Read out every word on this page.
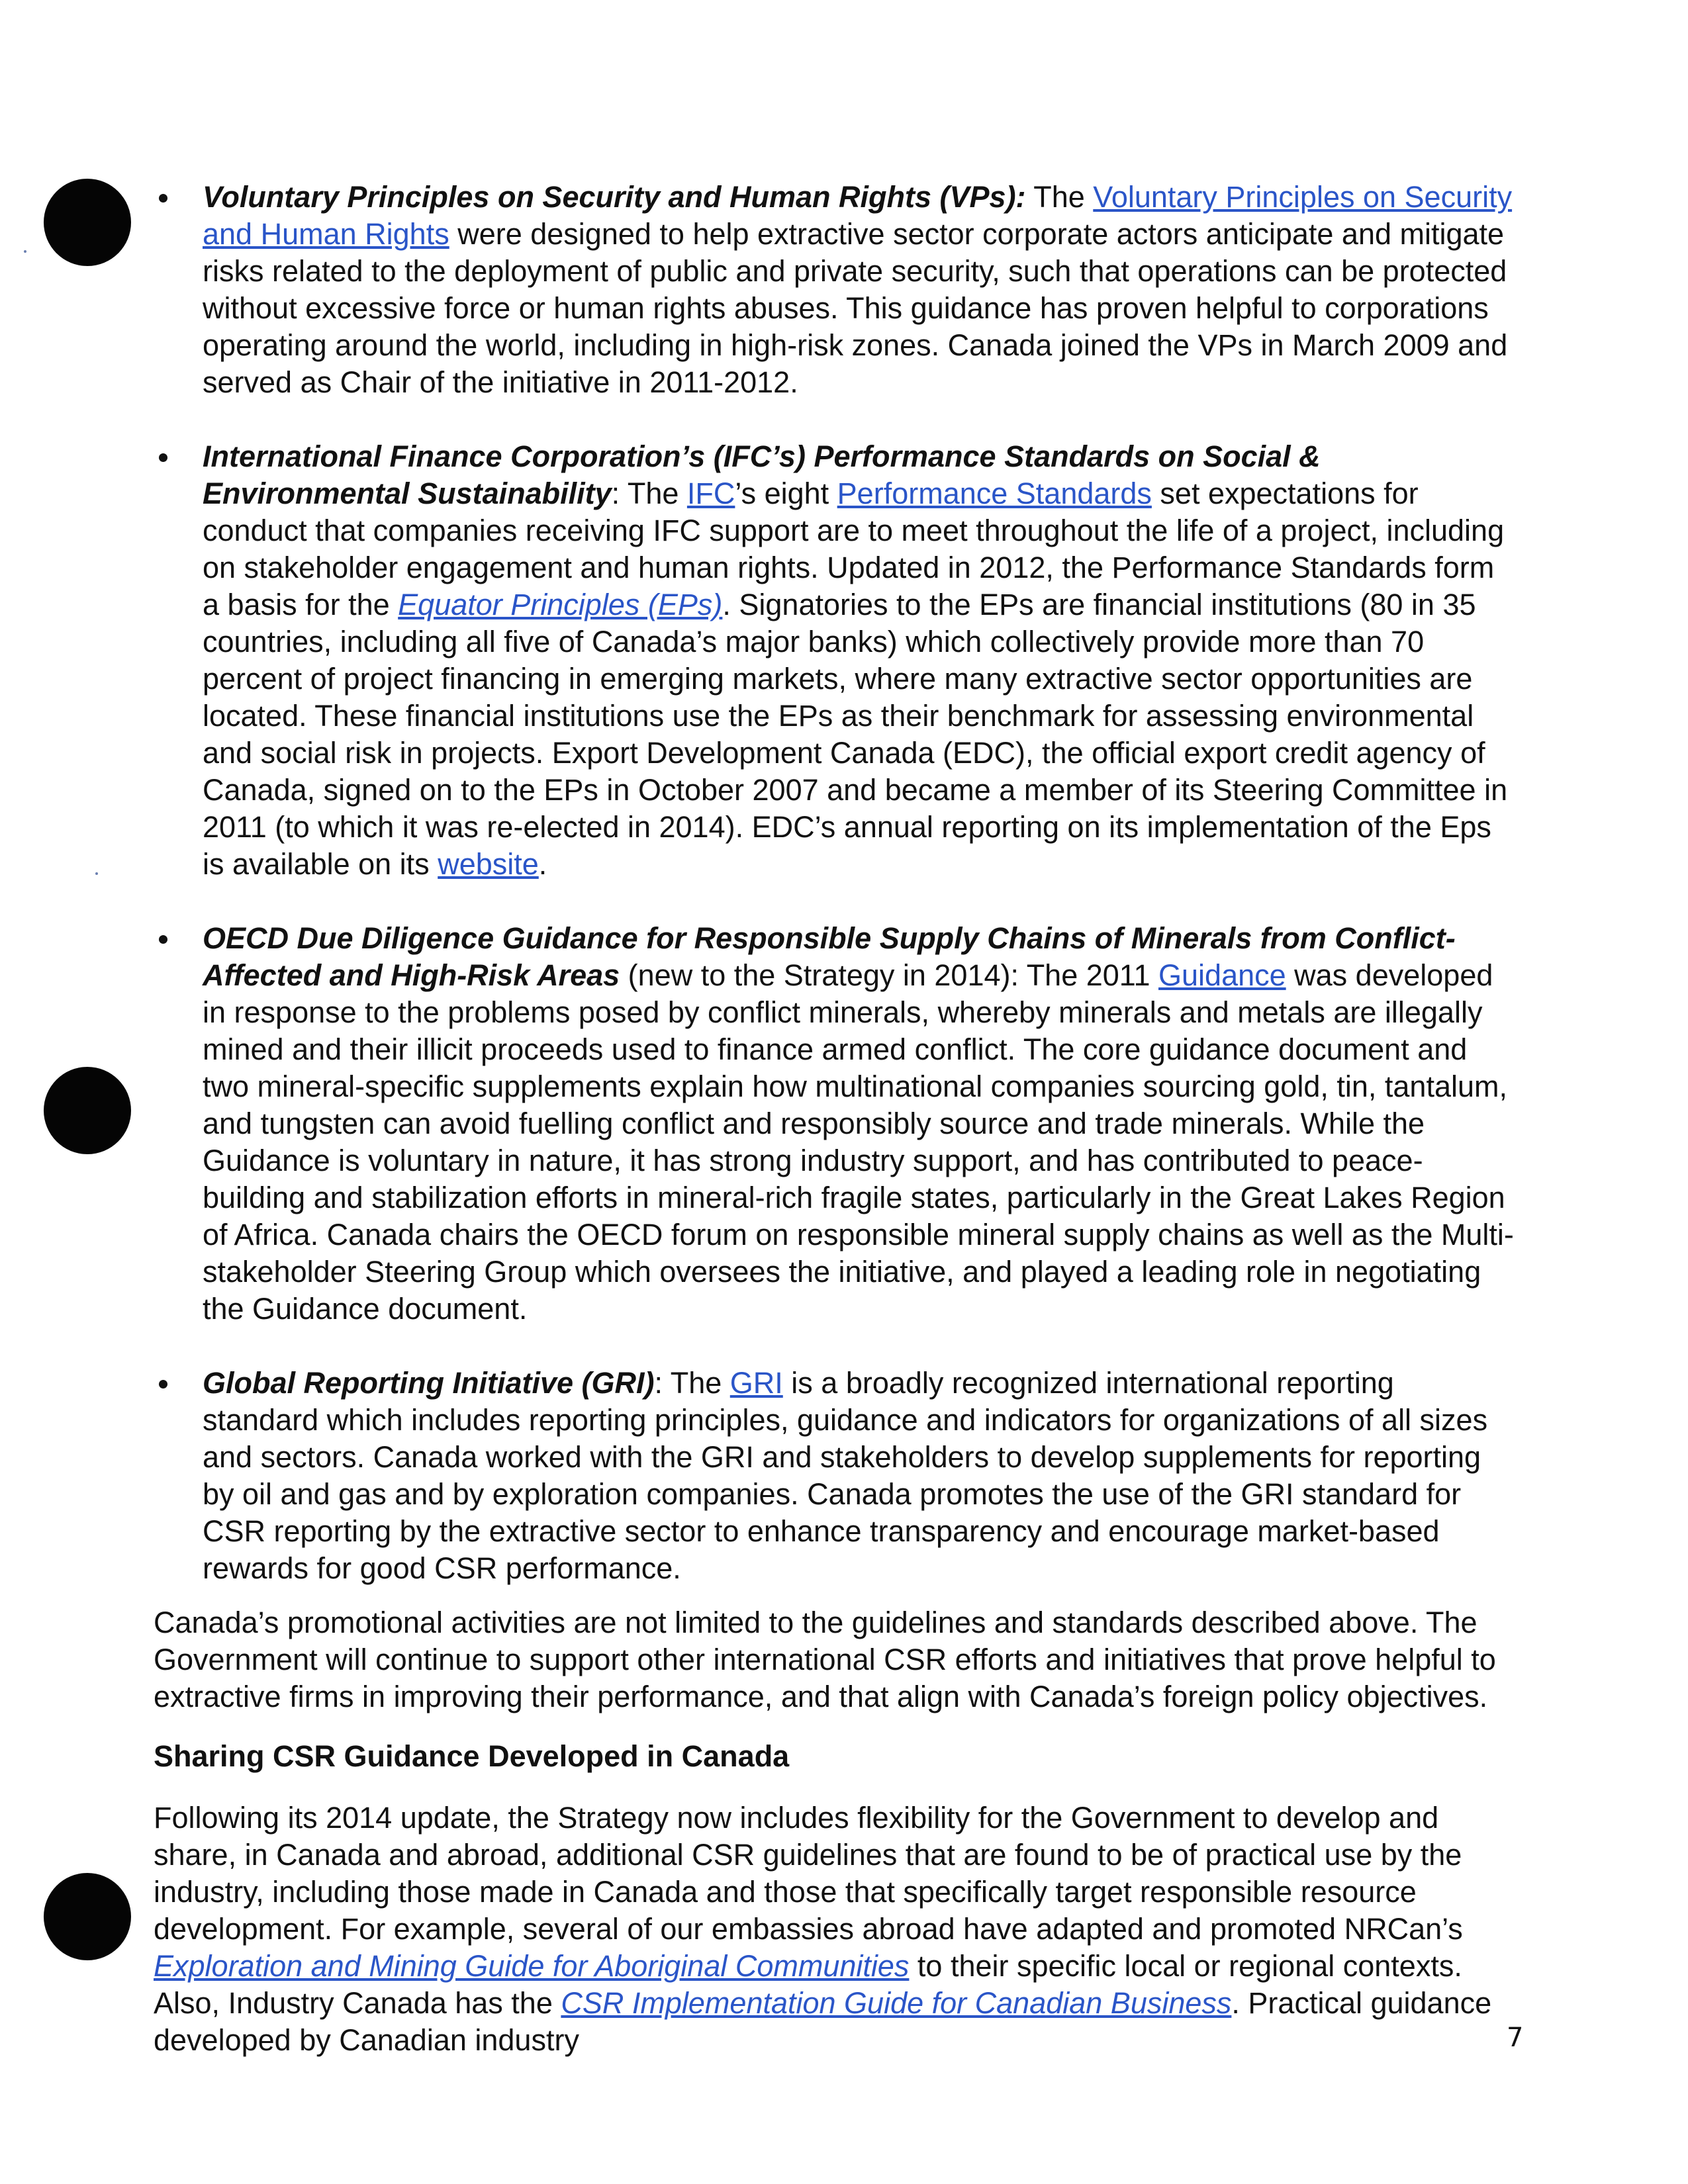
Voluntary Principles on Security and Human Rights (VPs): The Voluntary Principles on Security and Human Rights were designed to help extractive sector corporate actors anticipate and mitigate risks related to the deployment of public and private security, such that operations can be protected without excessive force or human rights abuses. This guidance has proven helpful to corporations operating around the world, including in high-risk zones. Canada joined the VPs in March 2009 and served as Chair of the initiative in 2011-2012.
International Finance Corporation’s (IFC’s) Performance Standards on Social & Environmental Sustainability: The IFC’s eight Performance Standards set expectations for conduct that companies receiving IFC support are to meet throughout the life of a project, including on stakeholder engagement and human rights. Updated in 2012, the Performance Standards form a basis for the Equator Principles (EPs). Signatories to the EPs are financial institutions (80 in 35 countries, including all five of Canada’s major banks) which collectively provide more than 70 percent of project financing in emerging markets, where many extractive sector opportunities are located. These financial institutions use the EPs as their benchmark for assessing environmental and social risk in projects. Export Development Canada (EDC), the official export credit agency of Canada, signed on to the EPs in October 2007 and became a member of its Steering Committee in 2011 (to which it was re-elected in 2014). EDC’s annual reporting on its implementation of the Eps is available on its website.
OECD Due Diligence Guidance for Responsible Supply Chains of Minerals from Conflict-Affected and High-Risk Areas (new to the Strategy in 2014): The 2011 Guidance was developed in response to the problems posed by conflict minerals, whereby minerals and metals are illegally mined and their illicit proceeds used to finance armed conflict. The core guidance document and two mineral-specific supplements explain how multinational companies sourcing gold, tin, tantalum, and tungsten can avoid fuelling conflict and responsibly source and trade minerals. While the Guidance is voluntary in nature, it has strong industry support, and has contributed to peace-building and stabilization efforts in mineral-rich fragile states, particularly in the Great Lakes Region of Africa. Canada chairs the OECD forum on responsible mineral supply chains as well as the Multi-stakeholder Steering Group which oversees the initiative, and played a leading role in negotiating the Guidance document.
Global Reporting Initiative (GRI): The GRI is a broadly recognized international reporting standard which includes reporting principles, guidance and indicators for organizations of all sizes and sectors. Canada worked with the GRI and stakeholders to develop supplements for reporting by oil and gas and by exploration companies. Canada promotes the use of the GRI standard for CSR reporting by the extractive sector to enhance transparency and encourage market-based rewards for good CSR performance.

Canada’s promotional activities are not limited to the guidelines and standards described above. The Government will continue to support other international CSR efforts and initiatives that prove helpful to extractive firms in improving their performance, and that align with Canada’s foreign policy objectives.

Sharing CSR Guidance Developed in Canada

Following its 2014 update, the Strategy now includes flexibility for the Government to develop and share, in Canada and abroad, additional CSR guidelines that are found to be of practical use by the industry, including those made in Canada and those that specifically target responsible resource development. For example, several of our embassies abroad have adapted and promoted NRCan’s Exploration and Mining Guide for Aboriginal Communities to their specific local or regional contexts. Also, Industry Canada has the CSR Implementation Guide for Canadian Business. Practical guidance developed by Canadian industry	7
